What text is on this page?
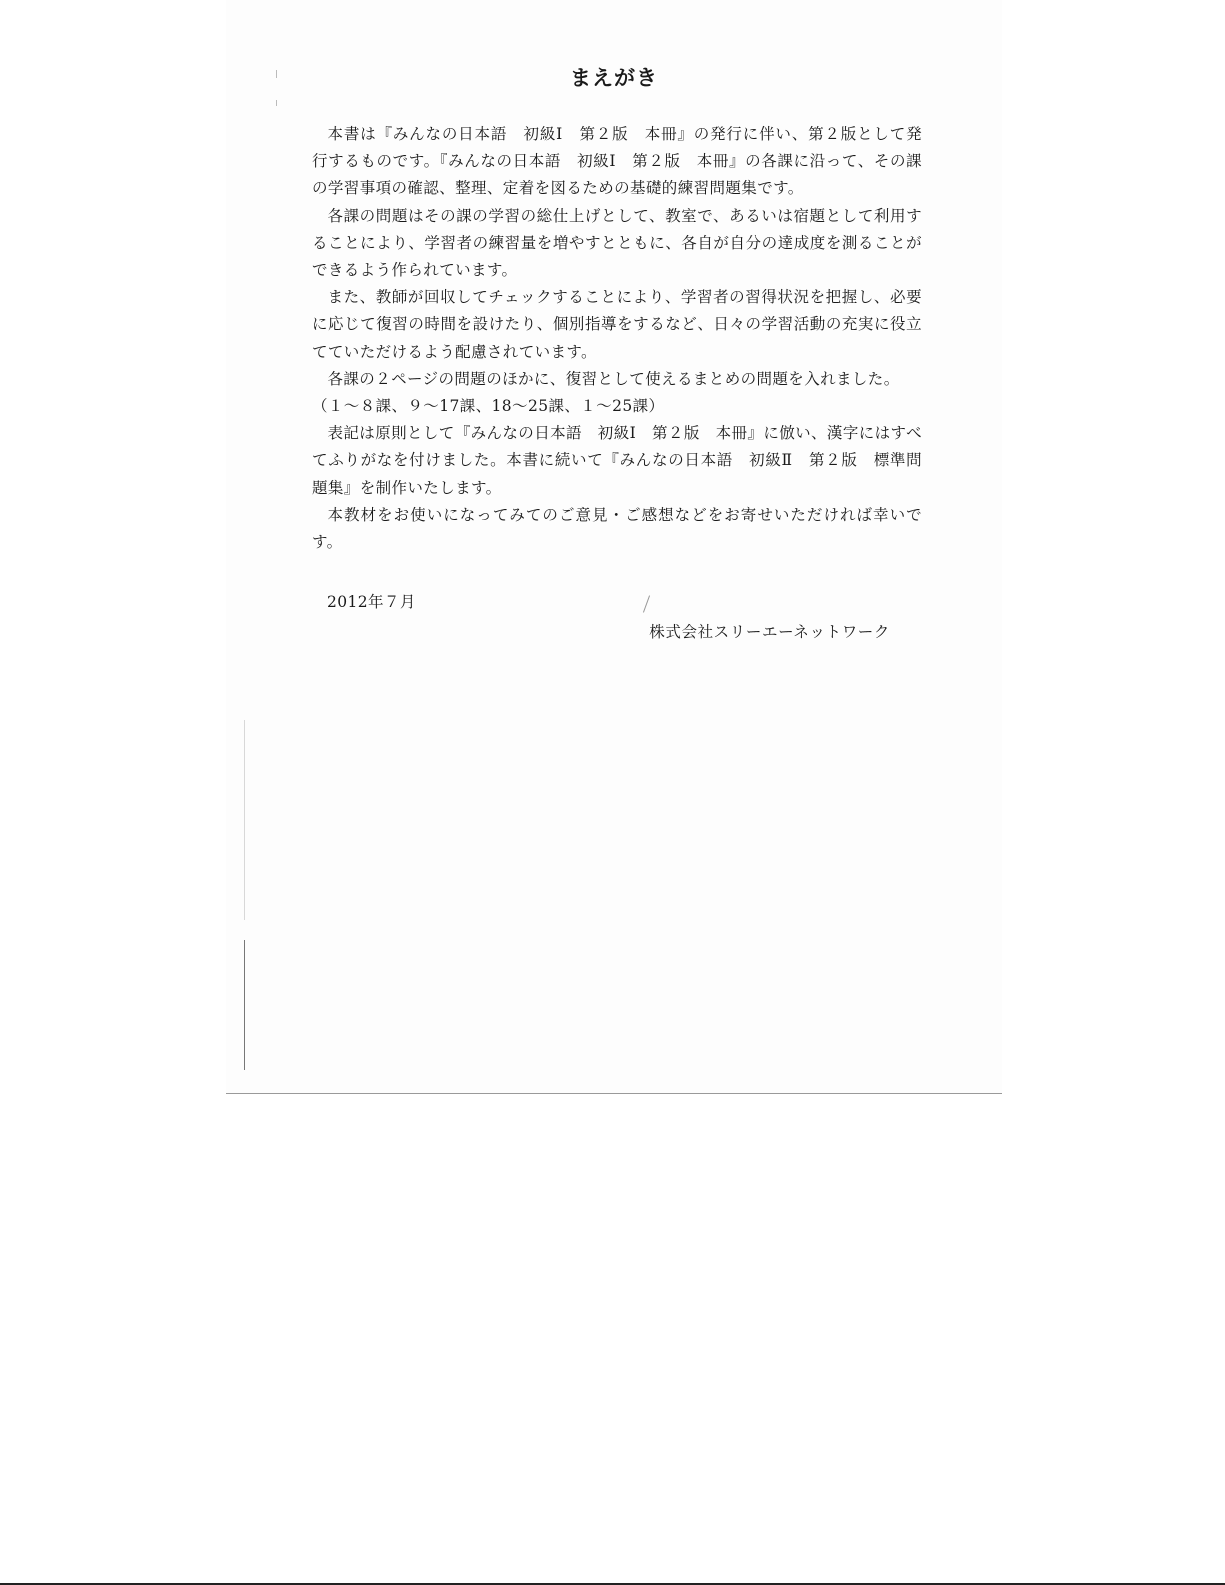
まえがき

本書は『みんなの日本語　初級Ⅰ　第２版　本冊』の発行に伴い、第２版として発行するものです。『みんなの日本語　初級Ⅰ　第２版　本冊』の各課に沿って、その課の学習事項の確認、整理、定着を図るための基礎的練習問題集です。

各課の問題はその課の学習の総仕上げとして、教室で、あるいは宿題として利用することにより、学習者の練習量を増やすとともに、各自が自分の達成度を測ることができるよう作られています。

また、教師が回収してチェックすることにより、学習者の習得状況を把握し、必要に応じて復習の時間を設けたり、個別指導をするなど、日々の学習活動の充実に役立てていただけるよう配慮されています。

各課の２ページの問題のほかに、復習として使えるまとめの問題を入れました。

（１～８課、９～17課、18～25課、１～25課）

表記は原則として『みんなの日本語　初級Ⅰ　第２版　本冊』に倣い、漢字にはすべてふりがなを付けました。本書に続いて『みんなの日本語　初級Ⅱ　第２版　標準問題集』を制作いたします。

本教材をお使いになってみてのご意見・ご感想などをお寄せいただければ幸いです。

2012年７月
株式会社スリーエーネットワーク
